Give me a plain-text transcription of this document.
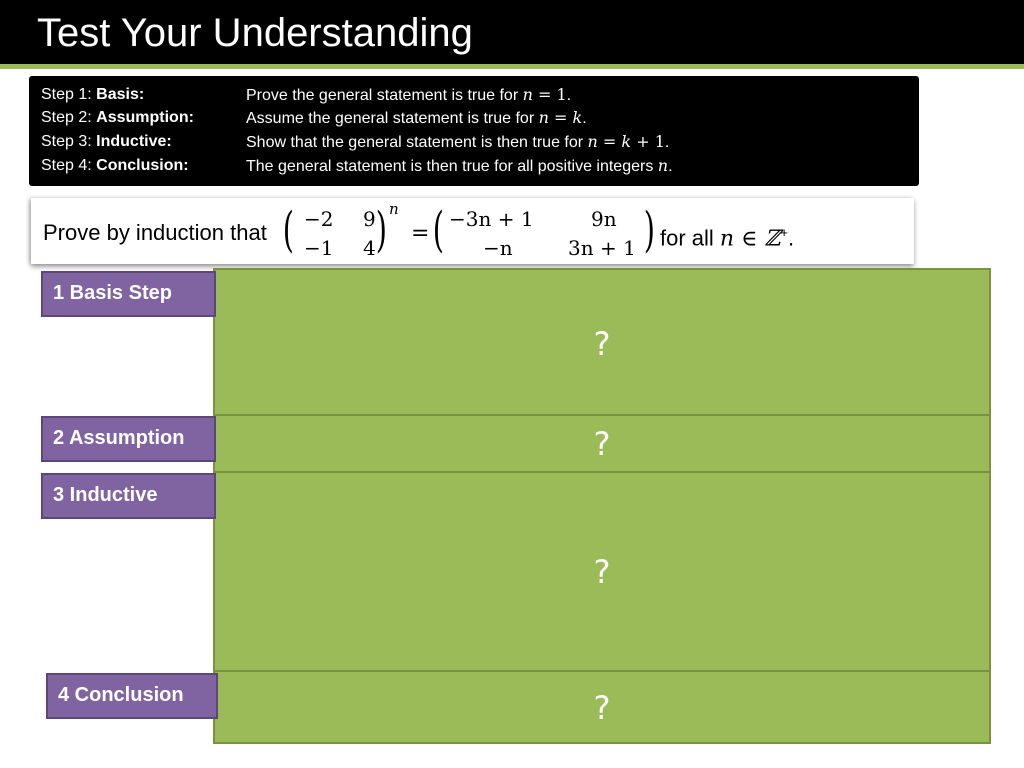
Test Your Understanding
Step 1: Basis:	Prove the general statement is true for n = 1.
Step 2: Assumption:	Assume the general statement is true for n = k.
Step 3: Inductive:	Show that the general statement is then true for n = k + 1.
Step 4: Conclusion:	The general statement is then true for all positive integers n.
Prove by induction that ( −2 9
−1 4 ) n
= ( −3n + 1	9n
−n	3n + 1 ) for all n ∈ ℤ+.
?
?
?
?
1 Basis Step
2 Assumption
3 Inductive
4 Conclusion
